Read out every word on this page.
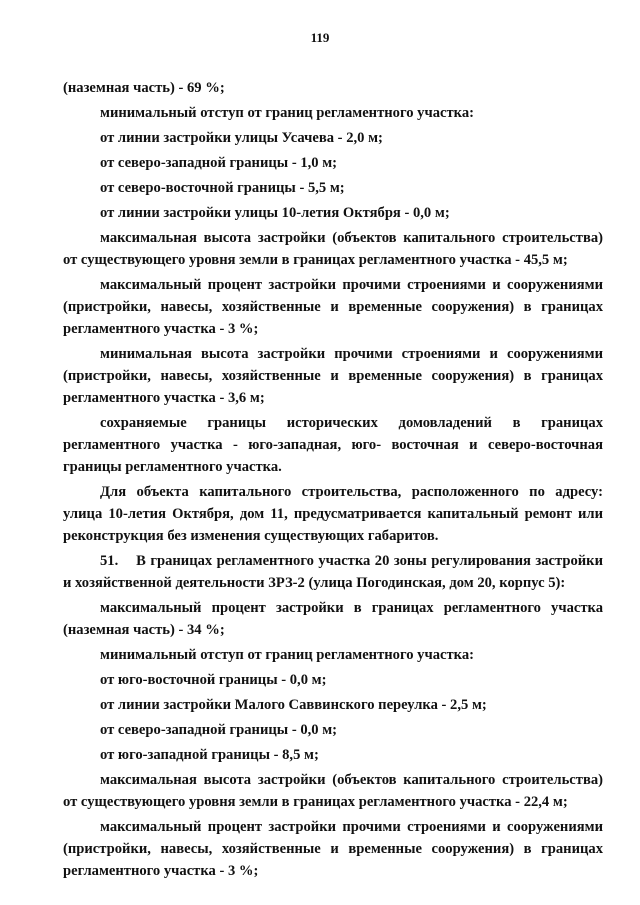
119

(наземная часть) - 69 %;

минимальный отступ от границ регламентного участка:

от линии застройки улицы Усачева - 2,0 м;

от северо-западной границы - 1,0 м;

от северо-восточной границы - 5,5 м;

от линии застройки улицы 10-летия Октября - 0,0 м;

максимальная высота застройки (объектов капитального строительства) от существующего уровня земли в границах регламентного участка - 45,5 м;

максимальный процент застройки прочими строениями и сооружениями (пристройки, навесы, хозяйственные и временные сооружения) в границах регламентного участка - 3 %;

минимальная высота застройки прочими строениями и сооружениями (пристройки, навесы, хозяйственные и временные сооружения) в границах регламентного участка - 3,6 м;

сохраняемые границы исторических домовладений в границах регламентного участка - юго-западная, юго- восточная и северо-восточная границы регламентного участка.

Для объекта капитального строительства, расположенного по адресу: улица 10-летия Октября, дом 11, предусматривается капитальный ремонт или реконструкция без изменения существующих габаритов.

51.    В границах регламентного участка 20 зоны регулирования застройки и хозяйственной деятельности ЗРЗ-2 (улица Погодинская, дом 20, корпус 5):

максимальный процент застройки в границах регламентного участка (наземная часть) - 34 %;

минимальный отступ от границ регламентного участка:

от юго-восточной границы - 0,0 м;

от линии застройки Малого Саввинского переулка - 2,5 м;

от северо-западной границы - 0,0 м;

от юго-западной границы - 8,5 м;

максимальная высота застройки (объектов капитального строительства) от существующего уровня земли в границах регламентного участка - 22,4 м;

максимальный процент застройки прочими строениями и сооружениями (пристройки, навесы, хозяйственные и временные сооружения) в границах регламентного участка - 3 %;
